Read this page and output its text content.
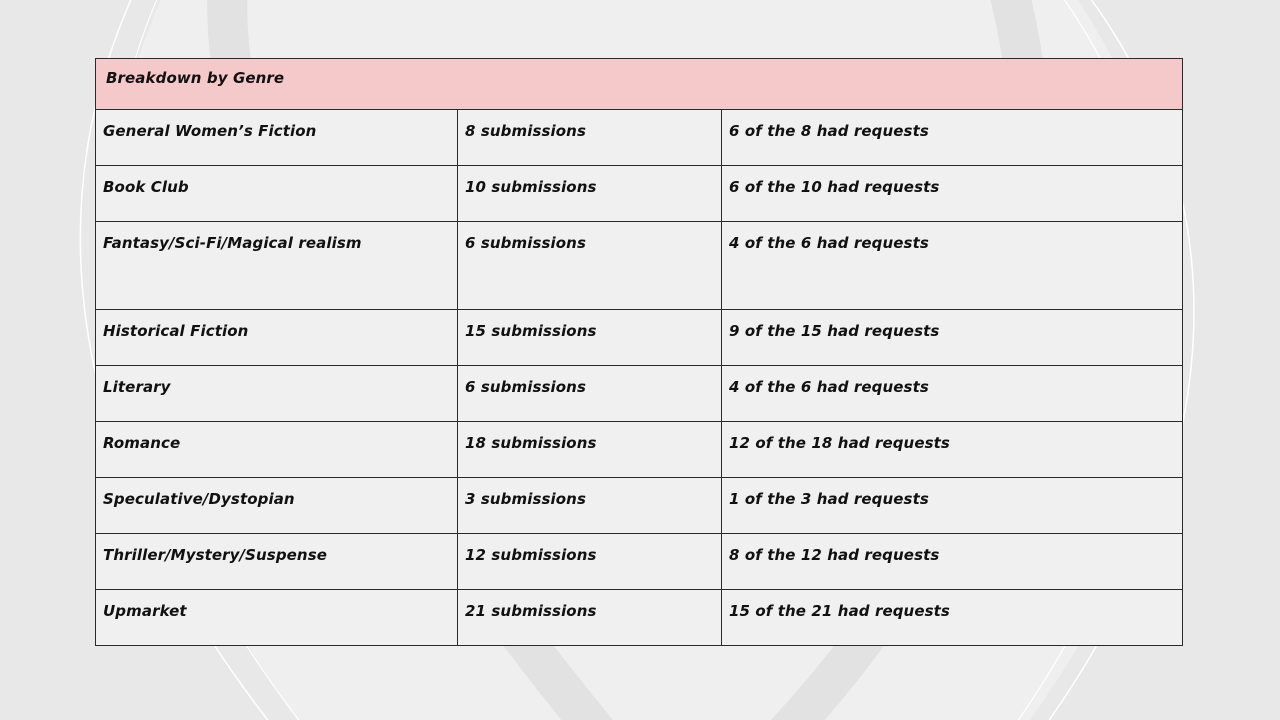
Breakdown by Genre		

General Women’s Fiction	8 submissions	6 of the 8 had requests

Book Club	10 submissions	6 of the 10 had requests

Fantasy/Sci-Fi/Magical realism	6 submissions	4 of the 6 had requests

Historical Fiction	15 submissions	9 of the 15 had requests

Literary	6 submissions	4 of the 6 had requests

Romance	18 submissions	12 of the 18 had requests

Speculative/Dystopian	3 submissions	1 of the 3 had requests

Thriller/Mystery/Suspense	12 submissions	8 of the 12 had requests

Upmarket	21 submissions	15 of the 21 had requests
